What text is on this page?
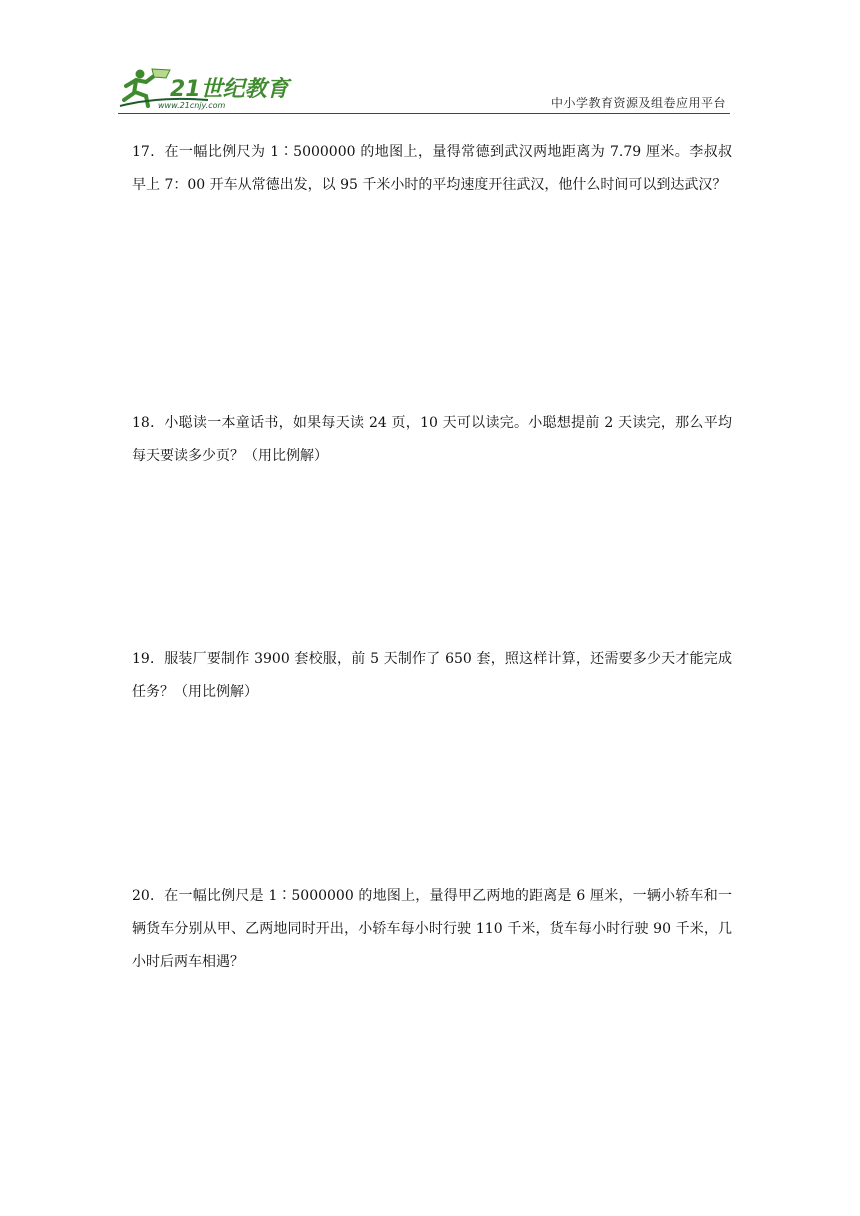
21世纪教育
www.21cnjy.com	中小学教育资源及组卷应用平台
17．在一幅比例尺为 1∶5000000 的地图上，量得常德到武汉两地距离为 7.79 厘米。李叔叔早上 7：00 开车从常德出发，以 95 千米小时的平均速度开往武汉，他什么时间可以到达武汉？
18．小聪读一本童话书，如果每天读 24 页，10 天可以读完。小聪想提前 2 天读完，那么平均每天要读多少页？（用比例解）
19．服装厂要制作 3900 套校服，前 5 天制作了 650 套，照这样计算，还需要多少天才能完成任务？（用比例解）
20．在一幅比例尺是 1∶5000000 的地图上，量得甲乙两地的距离是 6 厘米，一辆小轿车和一辆货车分别从甲、乙两地同时开出，小轿车每小时行驶 110 千米，货车每小时行驶 90 千米，几小时后两车相遇？
